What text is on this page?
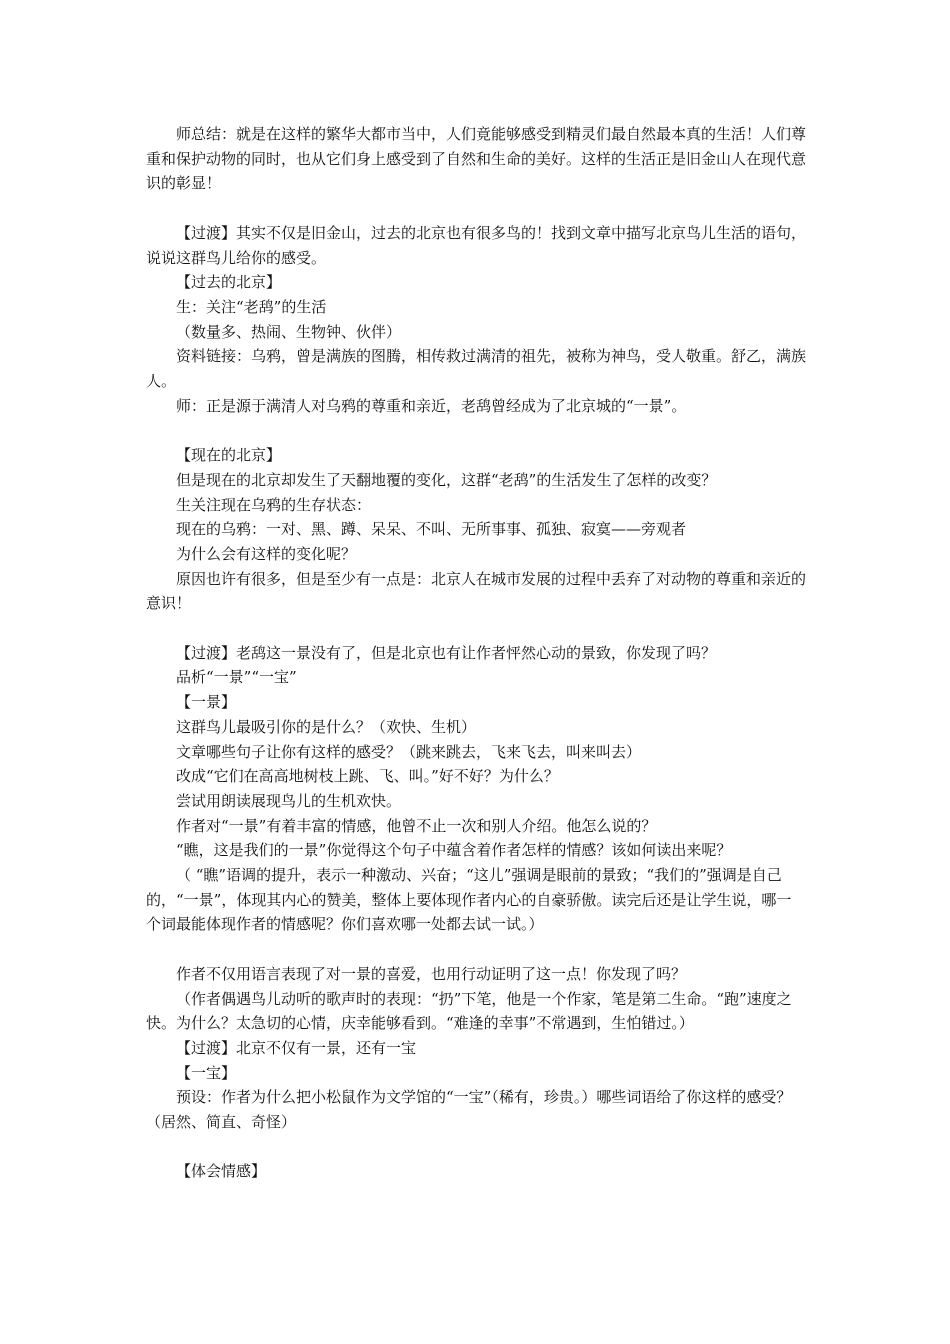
师总结：就是在这样的繁华大都市当中，人们竟能够感受到精灵们最自然最本真的生活！人们尊重和保护动物的同时，也从它们身上感受到了自然和生命的美好。这样的生活正是旧金山人在现代意识的彰显！
【过渡】其实不仅是旧金山，过去的北京也有很多鸟的！找到文章中描写北京鸟儿生活的语句，说说这群鸟儿给你的感受。
【过去的北京】
生：关注“老鸹”的生活
（数量多、热闹、生物钟、伙伴）
资料链接：乌鸦，曾是满族的图腾，相传救过满清的祖先，被称为神鸟，受人敬重。舒乙，满族人。
师：正是源于满清人对乌鸦的尊重和亲近，老鸹曾经成为了北京城的“一景”。
【现在的北京】
但是现在的北京却发生了天翻地覆的变化，这群“老鸹”的生活发生了怎样的改变？
生关注现在乌鸦的生存状态：
现在的乌鸦：一对、黑、蹲、呆呆、不叫、无所事事、孤独、寂寞——旁观者
为什么会有这样的变化呢？
原因也许有很多，但是至少有一点是：北京人在城市发展的过程中丢弃了对动物的尊重和亲近的意识！
【过渡】老鸹这一景没有了，但是北京也有让作者怦然心动的景致，你发现了吗？
品析“一景”“一宝”
【一景】
这群鸟儿最吸引你的是什么？（欢快、生机）
文章哪些句子让你有这样的感受？（跳来跳去，飞来飞去，叫来叫去）
改成“它们在高高地树枝上跳、飞、叫。”好不好？为什么？
尝试用朗读展现鸟儿的生机欢快。
作者对“一景”有着丰富的情感，他曾不止一次和别人介绍。他怎么说的？
“瞧，这是我们的一景”你觉得这个句子中蕴含着作者怎样的情感？该如何读出来呢？
（ “瞧”语调的提升，表示一种激动、兴奋；“这儿”强调是眼前的景致；“我们的”强调是自己的，“一景”，体现其内心的赞美，整体上要体现作者内心的自豪骄傲。读完后还是让学生说，哪一个词最能体现作者的情感呢？你们喜欢哪一处都去试一试。）
作者不仅用语言表现了对一景的喜爱，也用行动证明了这一点！你发现了吗？
（作者偶遇鸟儿动听的歌声时的表现：“扔”下笔，他是一个作家，笔是第二生命。“跑”速度之快。为什么？太急切的心情，庆幸能够看到。“难逢的幸事”不常遇到，生怕错过。）
【过渡】北京不仅有一景，还有一宝
【一宝】
预设：作者为什么把小松鼠作为文学馆的“一宝”（稀有，珍贵。）哪些词语给了你这样的感受？（居然、简直、奇怪）
【体会情感】
